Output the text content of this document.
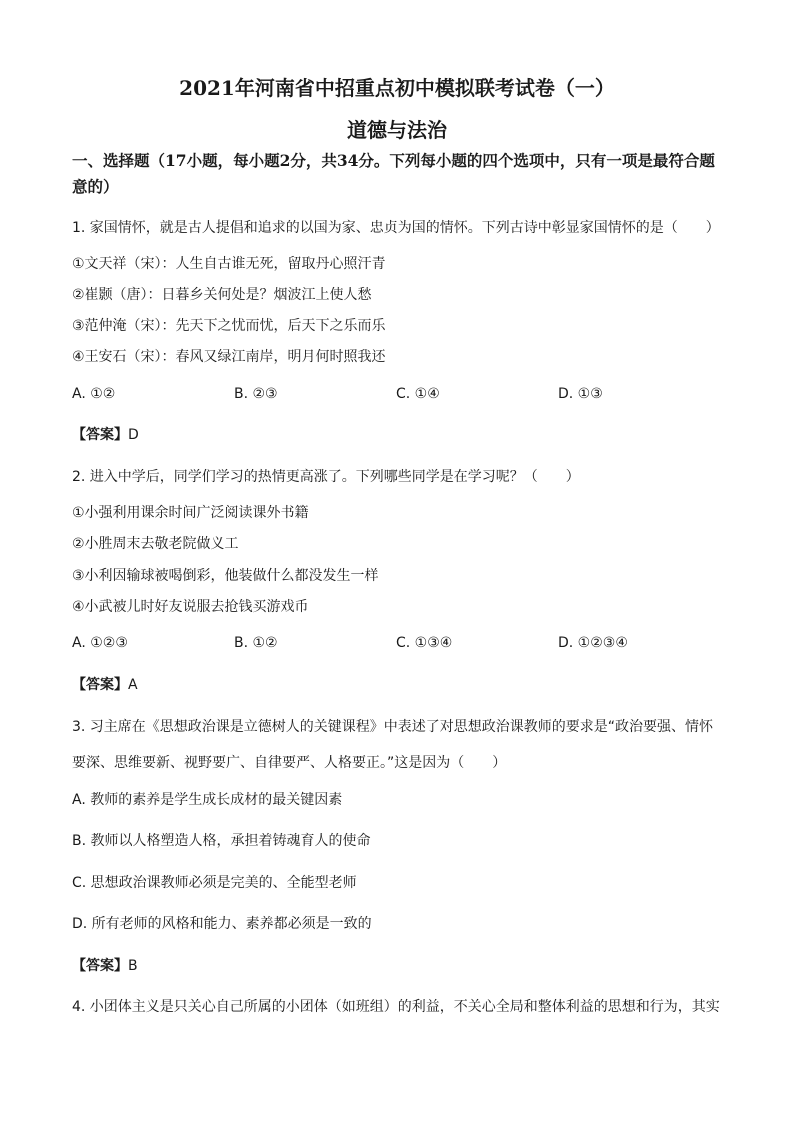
2021年河南省中招重点初中模拟联考试卷（一）
道德与法治
一、选择题（17小题，每小题2分，共34分。下列每小题的四个选项中，只有一项是最符合题意的）
1. 家国情怀，就是古人提倡和追求的以国为家、忠贞为国的情怀。下列古诗中彰显家国情怀的是（　　）
①文天祥（宋）：人生自古谁无死，留取丹心照汗青
②崔颢（唐）：日暮乡关何处是？烟波江上使人愁
③范仲淹（宋）：先天下之忧而忧，后天下之乐而乐
④王安石（宋）：春风又绿江南岸，明月何时照我还
A. ①②	B. ②③	C. ①④	D. ①③
【答案】D
2. 进入中学后，同学们学习的热情更高涨了。下列哪些同学是在学习呢？（　　）
①小强利用课余时间广泛阅读课外书籍
②小胜周末去敬老院做义工
③小利因输球被喝倒彩，他装做什么都没发生一样
④小武被儿时好友说服去抢钱买游戏币
A. ①②③	B. ①②	C. ①③④	D. ①②③④
【答案】A
3. 习主席在《思想政治课是立德树人的关键课程》中表述了对思想政治课教师的要求是“政治要强、情怀
要深、思维要新、视野要广、自律要严、人格要正。”这是因为（　　）
A. 教师的素养是学生成长成材的最关键因素
B. 教师以人格塑造人格，承担着铸魂育人的使命
C. 思想政治课教师必须是完美的、全能型老师
D. 所有老师的风格和能力、素养都必须是一致的
【答案】B
4. 小团体主义是只关心自己所属的小团体（如班组）的利益，不关心全局和整体利益的思想和行为，其实
